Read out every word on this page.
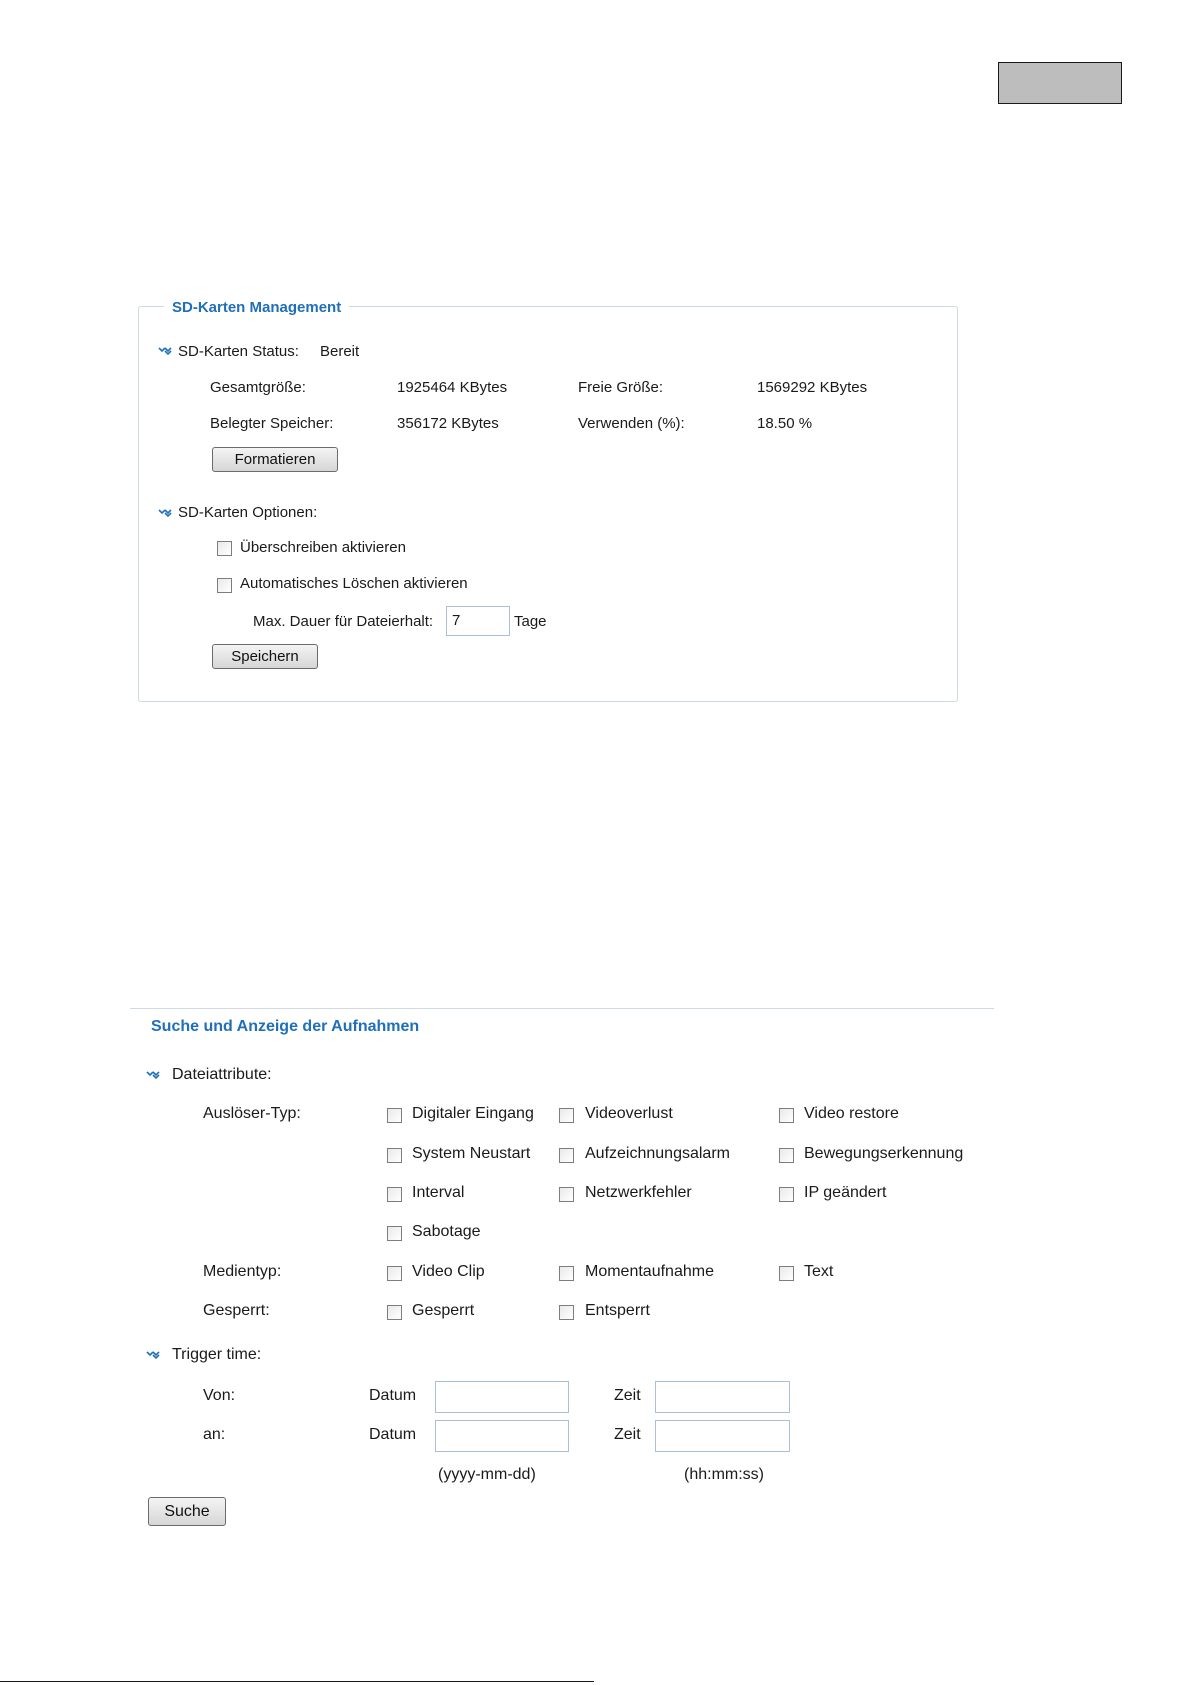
SD-Karten Management
SD-Karten Status: Bereit
Gesamtgröße:	1925464 KBytes	Freie Größe:	1569292 KBytes
Belegter Speicher:	356172 KBytes	Verwenden (%):	18.50 %
Formatieren
SD-Karten Optionen:
Überschreiben aktivieren
Automatisches Löschen aktivieren
Max. Dauer für Dateierhalt:	7	Tage
Speichern
Suche und Anzeige der Aufnahmen
Dateiattribute:
Auslöser-Typ:	Digitaler Eingang	Videoverlust	Video restore
System Neustart	Aufzeichnungsalarm	Bewegungserkennung
Interval	Netzwerkfehler	IP geändert
Sabotage
Medientyp:	Video Clip	Momentaufnahme	Text
Gesperrt:	Gesperrt	Entsperrt
Trigger time:
Von:	Datum	Zeit
an:	Datum	Zeit
(yyyy-mm-dd)	(hh:mm:ss)
Suche
